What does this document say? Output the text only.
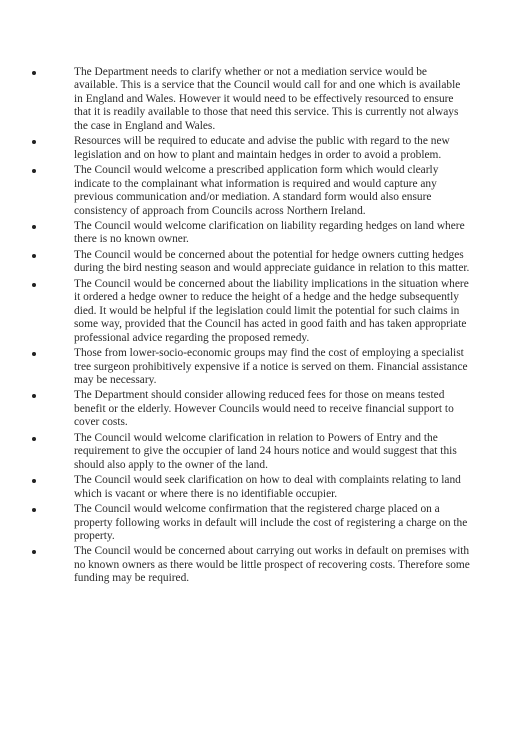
The Department needs to clarify whether or not a mediation service would be available. This is a service that the Council would call for and one which is available in England and Wales. However it would need to be effectively resourced to ensure that it is readily available to those that need this service. This is currently not always the case in England and Wales.
Resources will be required to educate and advise the public with regard to the new legislation and on how to plant and maintain hedges in order to avoid a problem.
The Council would welcome a prescribed application form which would clearly indicate to the complainant what information is required and would capture any previous communication and/or mediation. A standard form would also ensure consistency of approach from Councils across Northern Ireland.
The Council would welcome clarification on liability regarding hedges on land where there is no known owner.
The Council would be concerned about the potential for hedge owners cutting hedges during the bird nesting season and would appreciate guidance in relation to this matter.
The Council would be concerned about the liability implications in the situation where it ordered a hedge owner to reduce the height of a hedge and the hedge subsequently died. It would be helpful if the legislation could limit the potential for such claims in some way, provided that the Council has acted in good faith and has taken appropriate professional advice regarding the proposed remedy.
Those from lower-socio-economic groups may find the cost of employing a specialist tree surgeon prohibitively expensive if a notice is served on them. Financial assistance may be necessary.
The Department should consider allowing reduced fees for those on means tested benefit or the elderly. However Councils would need to receive financial support to cover costs.
The Council would welcome clarification in relation to Powers of Entry and the requirement to give the occupier of land 24 hours notice and would suggest that this should also apply to the owner of the land.
The Council would seek clarification on how to deal with complaints relating to land which is vacant or where there is no identifiable occupier.
The Council would welcome confirmation that the registered charge placed on a property following works in default will include the cost of registering a charge on the property.
The Council would be concerned about carrying out works in default on premises with no known owners as there would be little prospect of recovering costs. Therefore some funding may be required.
